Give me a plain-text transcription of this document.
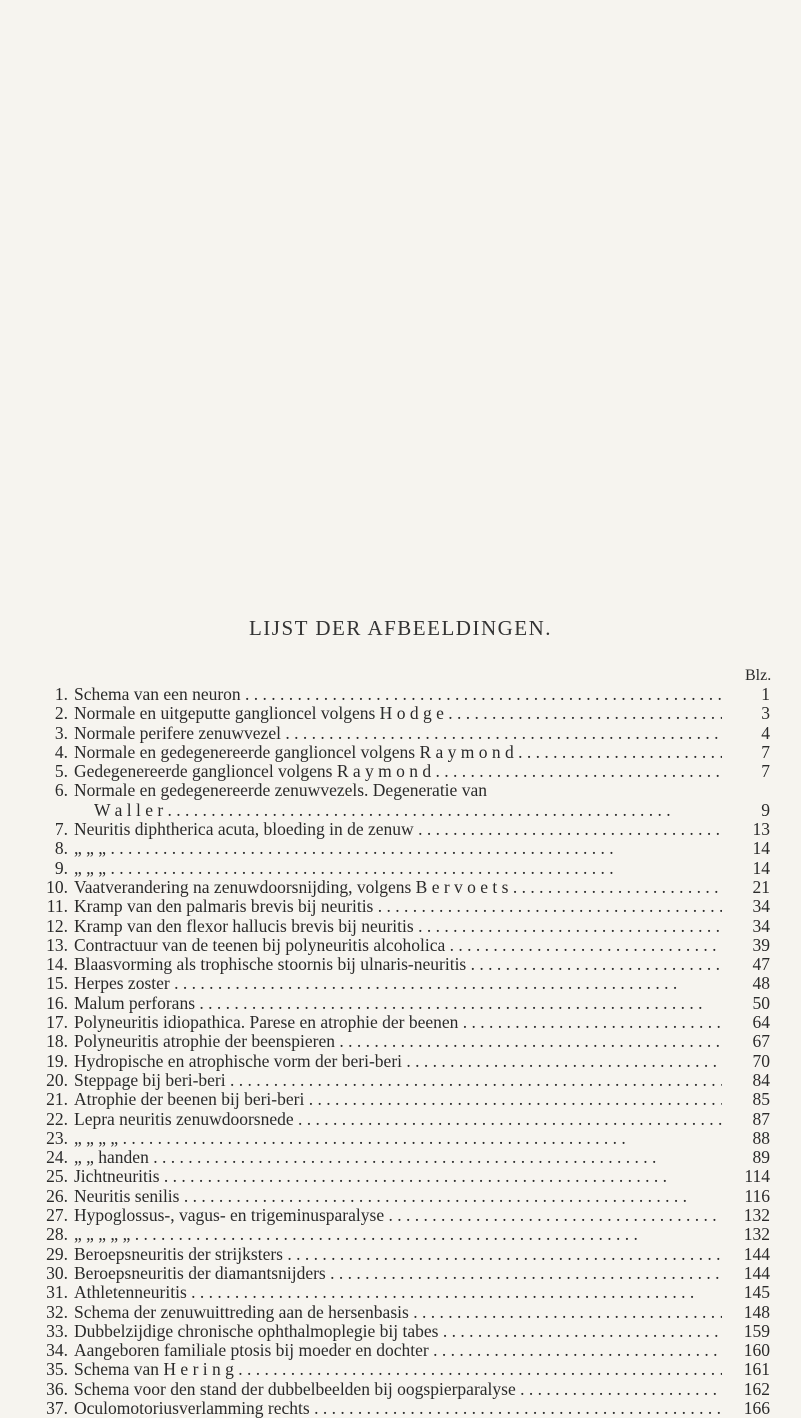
LIJST DER AFBEELDINGEN.
Blz.
1. Schema van een neuron . . .	1
2. Normale en uitgeputte ganglioncel volgens H o d g e . . .	3
3. Normale perifere zenuwvezel . . .	4
4. Normale en gedegenereerde ganglioncel volgens R a y m o n d . . .	7
5. Gedegenereerde ganglioncel volgens R a y m o n d . . .	7
6. Normale en gedegenereerde zenuwvezels. Degeneratie van
W a l l e r . . .	9
7. Neuritis diphtherica acuta, bloeding in de zenuw . . .	13
8. „ „ „ . . .	14
9. „ „ „ . . .	14
10. Vaatverandering na zenuwdoorsnijding, volgens B e r v o e t s . . .	21
11. Kramp van den palmaris brevis bij neuritis . . .	34
12. Kramp van den flexor hallucis brevis bij neuritis . . .	34
13. Contractuur van de teenen bij polyneuritis alcoholica . . .	39
14. Blaasvorming als trophische stoornis bij ulnaris-neuritis . . .	47
15. Herpes zoster . . .	48
16. Malum perforans . . .	50
17. Polyneuritis idiopathica. Parese en atrophie der beenen . . .	64
18. Polyneuritis atrophie der beenspieren . . .	67
19. Hydropische en atrophische vorm der beri-beri . . .	70
20. Steppage bij beri-beri . . .	84
21. Atrophie der beenen bij beri-beri . . .	85
22. Lepra neuritis zenuwdoorsnede . . .	87
23. „ „ „ „ . . .	88
24. „ „ handen . . .	89
25. Jichtneuritis . . .	114
26. Neuritis senilis . . .	116
27. Hypoglossus-, vagus- en trigeminusparalyse . . .	132
28. „ „ „ „ „ . . .	132
29. Beroepsneuritis der strijksters . . .	144
30. Beroepsneuritis der diamantsnijders . . .	144
31. Athletenneuritis . . .	145
32. Schema der zenuwuittreding aan de hersenbasis . . .	148
33. Dubbelzijdige chronische ophthalmoplegie bij tabes . . .	159
34. Aangeboren familiale ptosis bij moeder en dochter . . .	160
35. Schema van H e r i n g . . .	161
36. Schema voor den stand der dubbelbeelden bij oogspierparalyse . . .	162
37. Oculomotoriusverlamming rechts . . .	166
